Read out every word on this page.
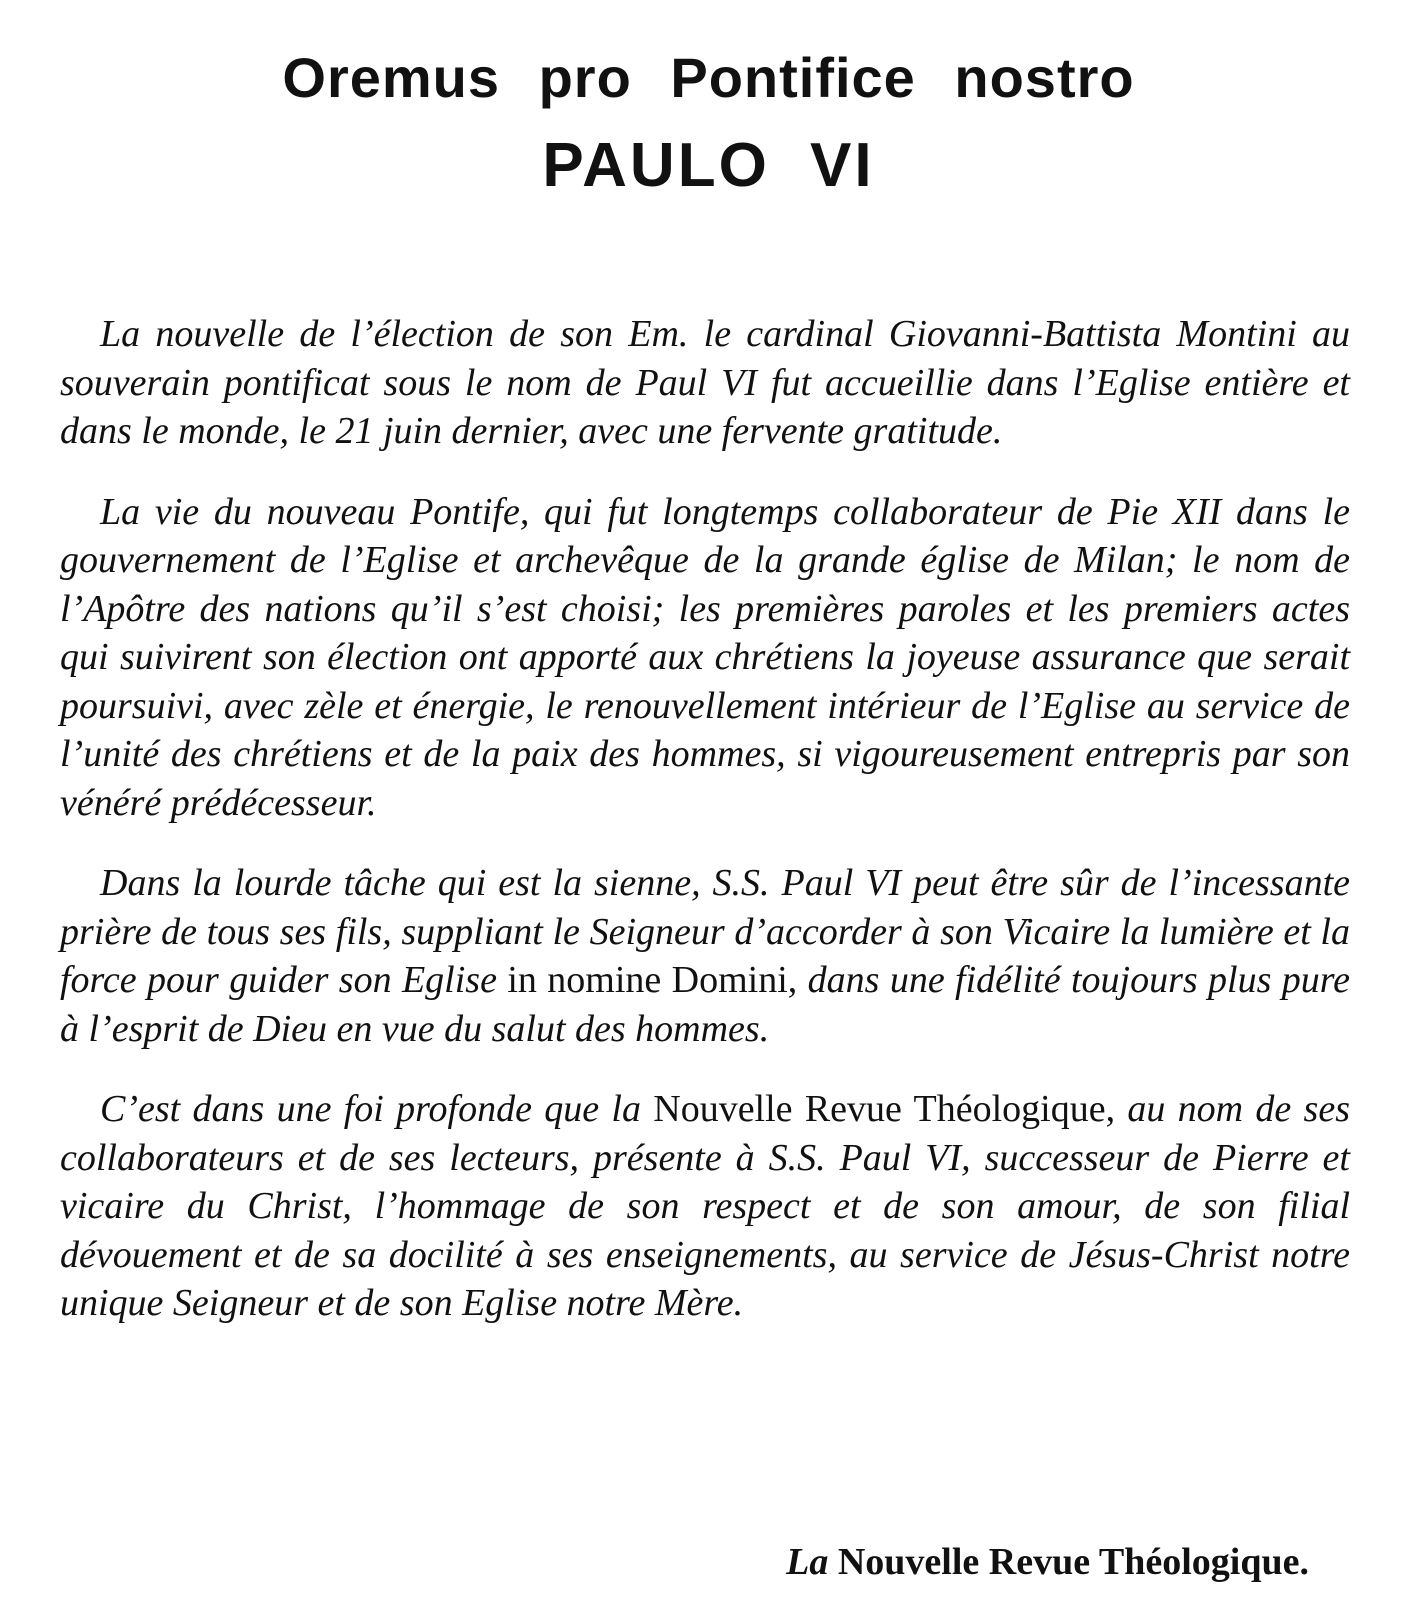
Oremus pro Pontifice nostro
PAULO VI

La nouvelle de l’élection de son Em. le cardinal Giovanni-Battista Montini au souverain pontificat sous le nom de Paul VI fut accueillie dans l’Eglise entière et dans le monde, le 21 juin dernier, avec une fervente gratitude.

La vie du nouveau Pontife, qui fut longtemps collaborateur de Pie XII dans le gouvernement de l’Eglise et archevêque de la grande église de Milan; le nom de l’Apôtre des nations qu’il s’est choisi; les premières paroles et les premiers actes qui suivirent son élection ont apporté aux chrétiens la joyeuse assurance que serait poursuivi, avec zèle et énergie, le renouvellement intérieur de l’Eglise au service de l’unité des chrétiens et de la paix des hommes, si vigoureusement entrepris par son vénéré prédécesseur.

Dans la lourde tâche qui est la sienne, S.S. Paul VI peut être sûr de l’incessante prière de tous ses fils, suppliant le Seigneur d’accorder à son Vicaire la lumière et la force pour guider son Eglise in nomine Domini, dans une fidélité toujours plus pure à l’esprit de Dieu en vue du salut des hommes.

C’est dans une foi profonde que la Nouvelle Revue Théologique, au nom de ses collaborateurs et de ses lecteurs, présente à S.S. Paul VI, successeur de Pierre et vicaire du Christ, l’hommage de son respect et de son amour, de son filial dévouement et de sa docilité à ses enseignements, au service de Jésus-Christ notre unique Seigneur et de son Eglise notre Mère.

La Nouvelle Revue Théologique.
